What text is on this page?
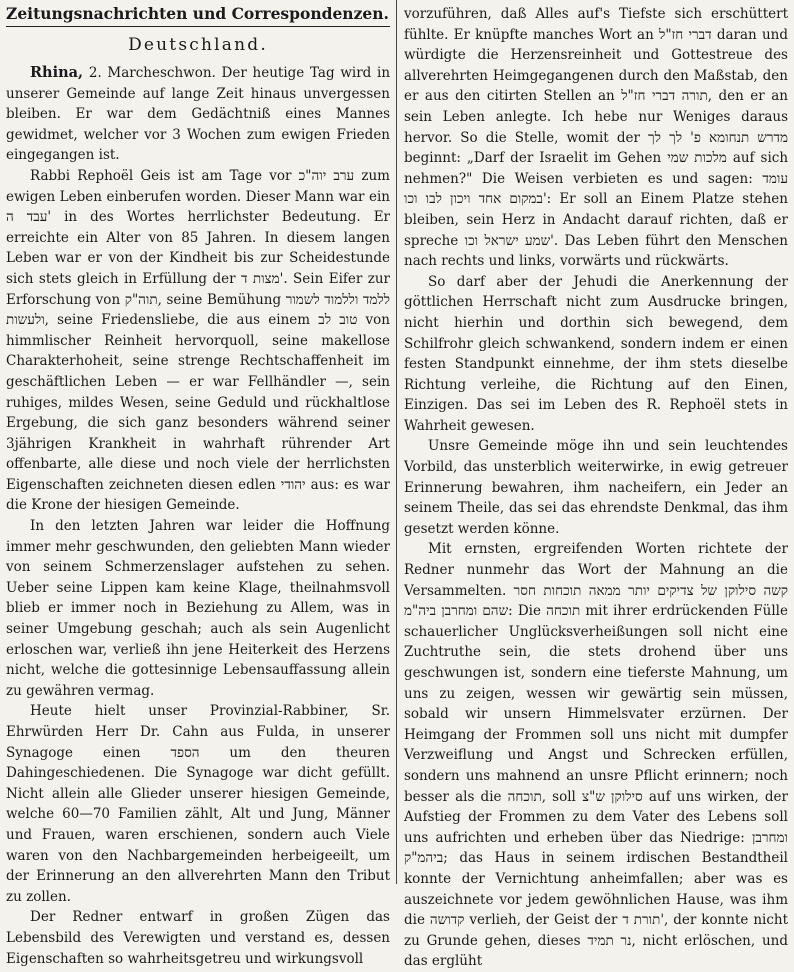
Zeitungsnachrichten und Correspondenzen.
Deutschland.

Rhina, 2. Marcheschwon. Der heutige Tag wird in unserer Gemeinde auf lange Zeit hinaus unvergessen bleiben. Er war dem Gedächtniß eines Mannes gewidmet, welcher vor 3 Wochen zum ewigen Frieden eingegangen ist.

Rabbi Rephoël Geis ist am Tage vor ערב יוה"כ zum ewigen Leben einberufen worden. Dieser Mann war ein עבד ה' in des Wortes herrlichster Bedeutung. Er erreichte ein Alter von 85 Jahren. In diesem langen Leben war er von der Kindheit bis zur Scheidestunde sich stets gleich in Erfüllung der מצות ד'. Sein Eifer zur Erforschung von תוה"ק, seine Bemühung ללמד וללמוד לשמור ולעשות, seine Friedensliebe, die aus einem טוב לב von himmlischer Reinheit hervorquoll, seine makellose Charakterhoheit, seine strenge Rechtschaffenheit im geschäftlichen Leben — er war Fellhändler —, sein ruhiges, mildes Wesen, seine Geduld und rückhaltlose Ergebung, die sich ganz besonders während seiner 3jährigen Krankheit in wahrhaft rührender Art offenbarte, alle diese und noch viele der herrlichsten Eigenschaften zeichneten diesen edlen יהודי aus: es war die Krone der hiesigen Gemeinde.

In den letzten Jahren war leider die Hoffnung immer mehr geschwunden, den geliebten Mann wieder von seinem Schmerzenslager aufstehen zu sehen. Ueber seine Lippen kam keine Klage, theilnahmsvoll blieb er immer noch in Beziehung zu Allem, was in seiner Umgebung geschah; auch als sein Augenlicht erloschen war, verließ ihn jene Heiterkeit des Herzens nicht, welche die gottesinnige Lebensauffassung allein zu gewähren vermag.

Heute hielt unser Provinzial-Rabbiner, Sr. Ehrwürden Herr Dr. Cahn aus Fulda, in unserer Synagoge einen הספד um den theuren Dahingeschiedenen. Die Synagoge war dicht gefüllt. Nicht allein alle Glieder unserer hiesigen Gemeinde, welche 60—70 Familien zählt, Alt und Jung, Männer und Frauen, waren erschienen, sondern auch Viele waren von den Nachbargemeinden herbeigeeilt, um der Erinnerung an den allverehrten Mann den Tribut zu zollen.

Der Redner entwarf in großen Zügen das Lebensbild des Verewigten und verstand es, dessen Eigenschaften so wahrheitsgetreu und wirkungsvoll

vorzuführen, daß Alles auf's Tiefste sich erschüttert fühlte. Er knüpfte manches Wort an דברי חז"ל daran und würdigte die Herzensreinheit und Gottestreue des allverehrten Heimgegangenen durch den Maßstab, den er aus den citirten Stellen an תורה דברי חז"ל, den er an sein Leben anlegte. Ich hebe nur Weniges daraus hervor. So die Stelle, womit der מדרש תנחומא פ' לך לך beginnt: „Darf der Israelit im Gehen מלכות שמי auf sich nehmen?" Die Weisen verbieten es und sagen: עומד במקום אחד ויכון לבו וכו': Er soll an Einem Platze stehen bleiben, sein Herz in Andacht darauf richten, daß er spreche שמע ישראל וכו'. Das Leben führt den Menschen nach rechts und links, vorwärts und rückwärts.

So darf aber der Jehudi die Anerkennung der göttlichen Herrschaft nicht zum Ausdrucke bringen, nicht hierhin und dorthin sich bewegend, dem Schilfrohr gleich schwankend, sondern indem er einen festen Standpunkt einnehme, der ihm stets dieselbe Richtung verleihe, die Richtung auf den Einen, Einzigen. Das sei im Leben des R. Rephoël stets in Wahrheit gewesen.

Unsre Gemeinde möge ihn und sein leuchtendes Vorbild, das unsterblich weiterwirke, in ewig getreuer Erinnerung bewahren, ihm nacheifern, ein Jeder an seinem Theile, das sei das ehrendste Denkmal, das ihm gesetzt werden könne.

Mit ernsten, ergreifenden Worten richtete der Redner nunmehr das Wort der Mahnung an die Versammelten. קשה סילוקן של צדיקים יותר ממאה תוכחות חסר שהם ומחרבן ביה"מ: Die תוכחה mit ihrer erdrückenden Fülle schauerlicher Unglücksverheißungen soll nicht eine Zuchtruthe sein, die stets drohend über uns geschwungen ist, sondern eine tieferste Mahnung, um uns zu zeigen, wessen wir gewärtig sein müssen, sobald wir unsern Himmelsvater erzürnen. Der Heimgang der Frommen soll uns nicht mit dumpfer Verzweiflung und Angst und Schrecken erfüllen, sondern uns mahnend an unsre Pflicht erinnern; noch besser als die תוכחה, soll סילוקן ש"צ auf uns wirken, der Aufstieg der Frommen zu dem Vater des Lebens soll uns aufrichten und erheben über das Niedrige: ומחרבן ביהמ"ק; das Haus in seinem irdischen Bestandtheil konnte der Vernichtung anheimfallen; aber was es auszeichnete vor jedem gewöhnlichen Hause, was ihm die קדושה verlieh, der Geist der תורת ד', der konnte nicht zu Grunde gehen, dieses נר תמיד, nicht erlöschen, und das erglüht
